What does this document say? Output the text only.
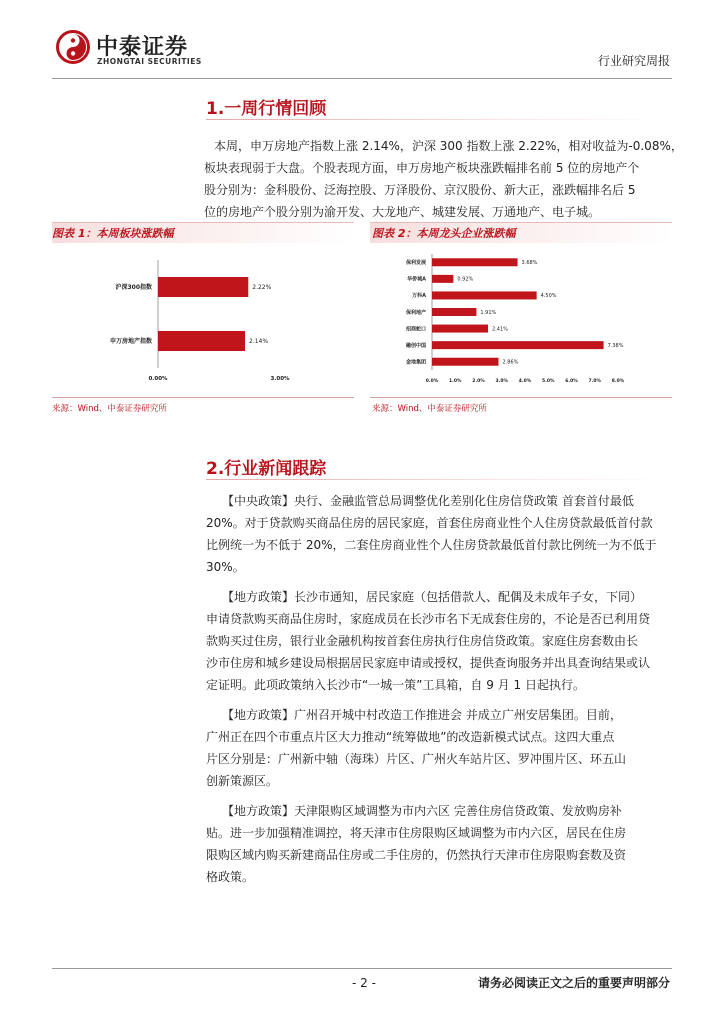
中泰证券
ZHONGTAI SECURITIES	行业研究周报
1.一周行情回顾
本周，申万房地产指数上涨 2.14%，沪深 300 指数上涨 2.22%，相对收益为-0.08%，
板块表现弱于大盘。个股表现方面，申万房地产板块涨跌幅排名前 5 位的房地产个
股分别为：金科股份、泛海控股、万泽股份、京汉股份、新大正，涨跌幅排名后 5
位的房地产个股分别为渝开发、大龙地产、城建发展、万通地产、电子城。
图表 1：本周板块涨跌幅
沪深300指数	2.22%
申万房地产指数	2.14%
0.00%	3.00%
来源：Wind、中泰证券研究所
图表 2：本周龙头企业涨跌幅
保利发展	3.68%
华侨城A	0.92%
万科A	4.50%
保利地产	1.91%
招商蛇口	2.41%
融创中国	7.38%
金地集团	2.86%
0.0% 1.0% 2.0% 3.0% 4.0% 5.0% 6.0% 7.0% 8.0%
来源：Wind、中泰证券研究所
2.行业新闻跟踪
【中央政策】央行、金融监管总局调整优化差别化住房信贷政策 首套首付最低
20%。对于贷款购买商品住房的居民家庭，首套住房商业性个人住房贷款最低首付款
比例统一为不低于 20%，二套住房商业性个人住房贷款最低首付款比例统一为不低于
30%。
【地方政策】长沙市通知，居民家庭（包括借款人、配偶及未成年子女，下同）
申请贷款购买商品住房时，家庭成员在长沙市名下无成套住房的，不论是否已利用贷
款购买过住房，银行业金融机构按首套住房执行住房信贷政策。家庭住房套数由长
沙市住房和城乡建设局根据居民家庭申请或授权，提供查询服务并出具查询结果或认
定证明。此项政策纳入长沙市“一城一策”工具箱，自 9 月 1 日起执行。
【地方政策】广州召开城中村改造工作推进会 并成立广州安居集团。目前，
广州正在四个市重点片区大力推动“统筹做地”的改造新模式试点。这四大重点
片区分别是：广州新中轴（海珠）片区、广州火车站片区、罗冲围片区、环五山
创新策源区。
【地方政策】天津限购区域调整为市内六区 完善住房信贷政策、发放购房补
贴。进一步加强精准调控，将天津市住房限购区域调整为市内六区，居民在住房
限购区域内购买新建商品住房或二手住房的，仍然执行天津市住房限购套数及资
格政策。
- 2 -	请务必阅读正文之后的重要声明部分
